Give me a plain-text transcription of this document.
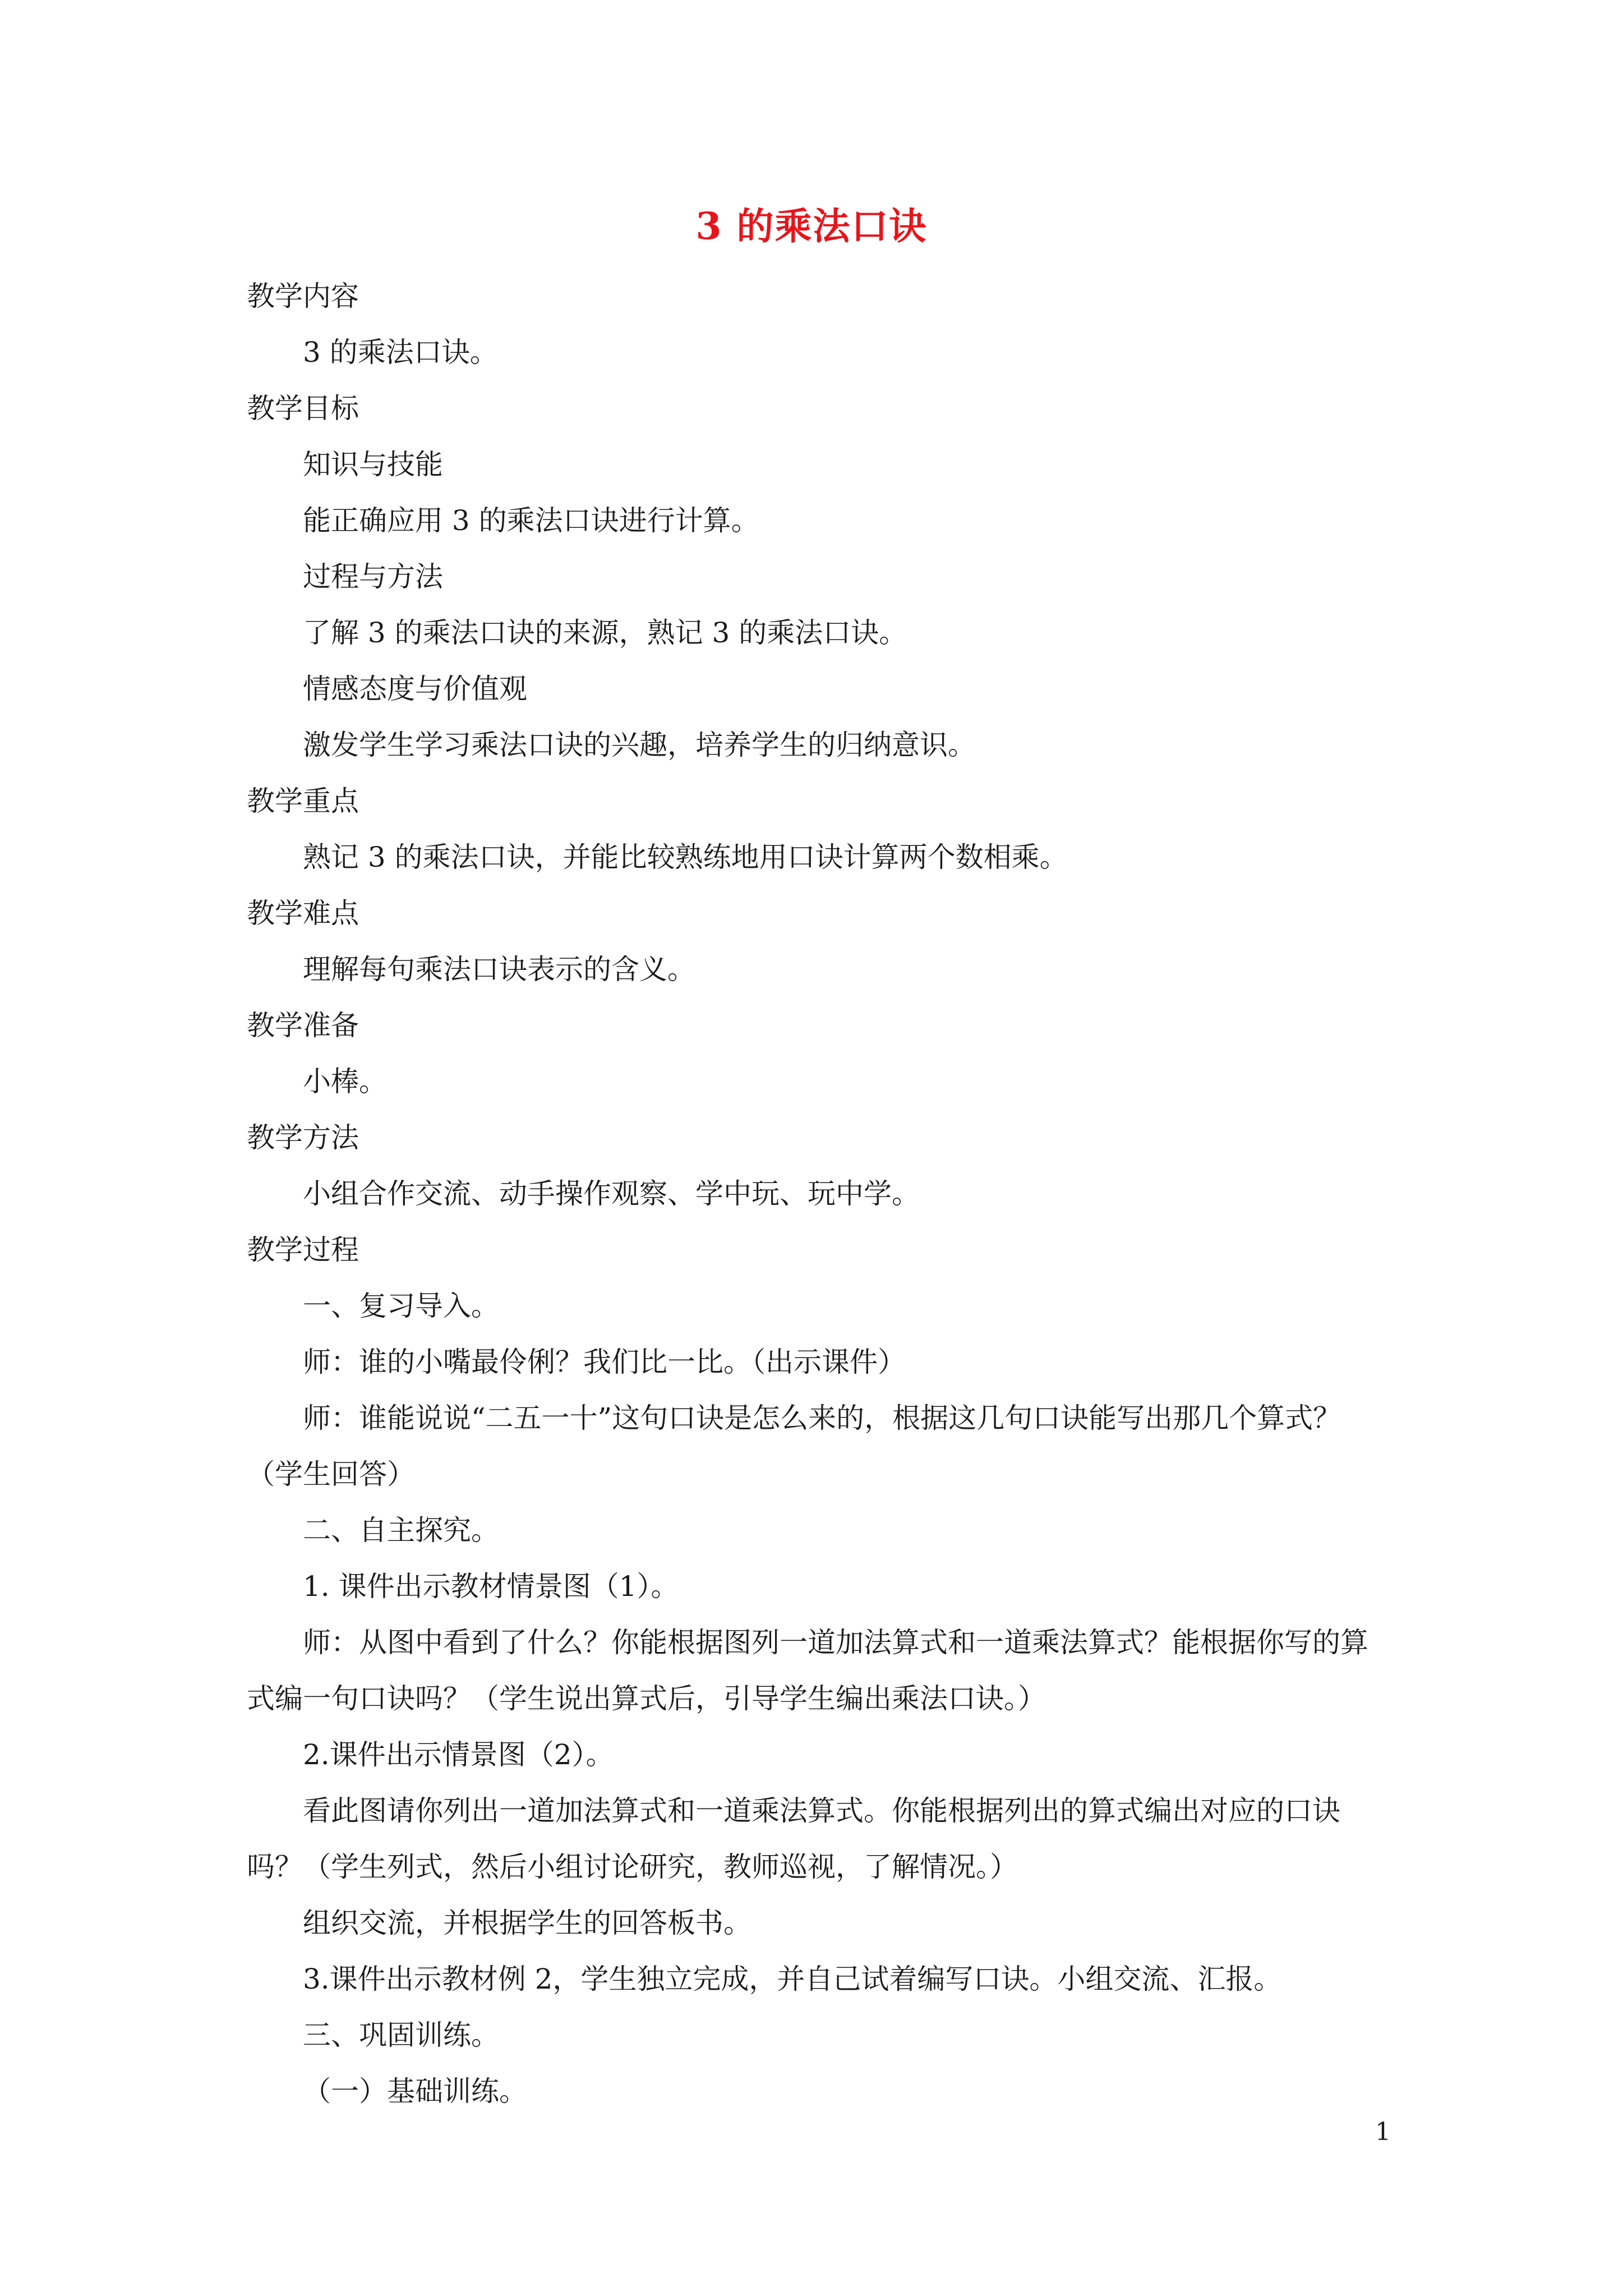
3 的乘法口诀

教学内容

3 的乘法口诀。

教学目标

知识与技能

能正确应用 3 的乘法口诀进行计算。

过程与方法

了解 3 的乘法口诀的来源，熟记 3 的乘法口诀。

情感态度与价值观

激发学生学习乘法口诀的兴趣，培养学生的归纳意识。

教学重点

熟记 3 的乘法口诀，并能比较熟练地用口诀计算两个数相乘。

教学难点

理解每句乘法口诀表示的含义。

教学准备

小棒。

教学方法

小组合作交流、动手操作观察、学中玩、玩中学。

教学过程

一、复习导入。

师：谁的小嘴最伶俐？我们比一比。（出示课件）

师：谁能说说“二五一十”这句口诀是怎么来的，根据这几句口诀能写出那几个算式？（学生回答）

二、自主探究。

1. 课件出示教材情景图（1）。

师：从图中看到了什么？你能根据图列一道加法算式和一道乘法算式？能根据你写的算式编一句口诀吗？（学生说出算式后，引导学生编出乘法口诀。）

2.课件出示情景图（2）。

看此图请你列出一道加法算式和一道乘法算式。你能根据列出的算式编出对应的口诀吗？（学生列式，然后小组讨论研究，教师巡视，了解情况。）

组织交流，并根据学生的回答板书。

3.课件出示教材例 2，学生独立完成，并自己试着编写口诀。小组交流、汇报。

三、巩固训练。

（一）基础训练。

1
